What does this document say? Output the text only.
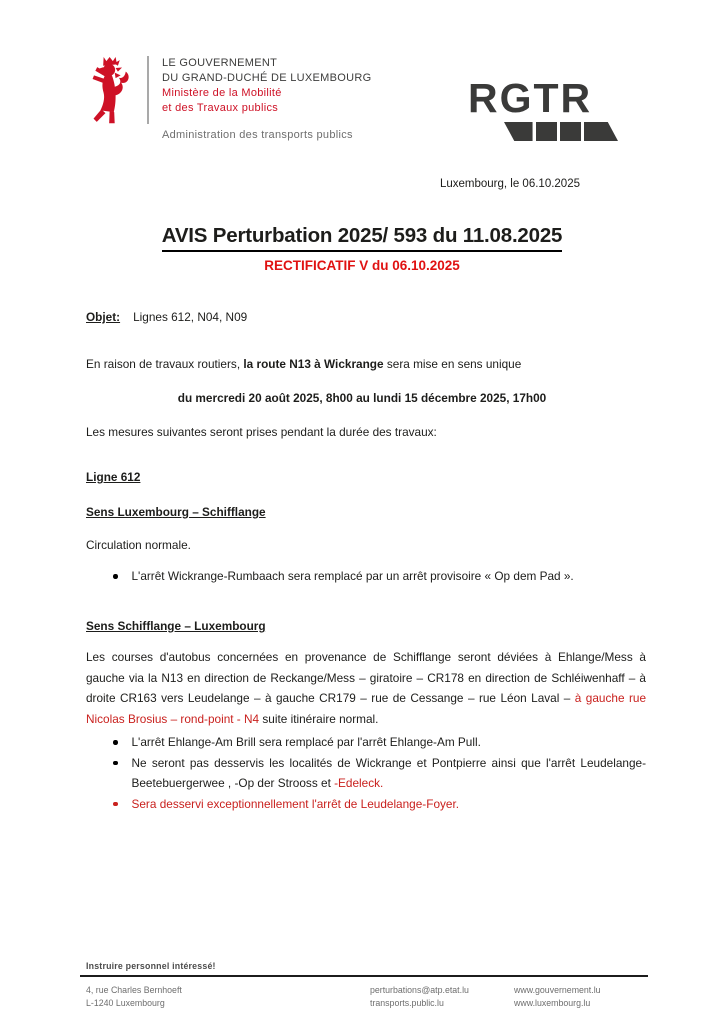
LE GOUVERNEMENT
DU GRAND-DUCHÉ DE LUXEMBOURG
Ministère de la Mobilité
et des Travaux publics
Administration des transports publics
RGTR
Luxembourg, le 06.10.2025
AVIS Perturbation 2025/ 593 du 11.08.2025
RECTIFICATIF V du 06.10.2025
Objet: Lignes 612, N04, N09

En raison de travaux routiers, la route N13 à Wickrange sera mise en sens unique

du mercredi 20 août 2025, 8h00 au lundi 15 décembre 2025, 17h00

Les mesures suivantes seront prises pendant la durée des travaux:

Ligne 612
Sens Luxembourg – Schifflange

Circulation normale.

L'arrêt Wickrange-Rumbaach sera remplacé par un arrêt provisoire « Op dem Pad ».
Sens Schifflange – Luxembourg

Les courses d'autobus concernées en provenance de Schifflange seront déviées à Ehlange/Mess à gauche via la N13 en direction de Reckange/Mess – giratoire – CR178 en direction de Schléiwenhaff – à droite CR163 vers Leudelange – à gauche CR179 – rue de Cessange – rue Léon Laval – à gauche rue Nicolas Brosius – rond-point - N4 suite itinéraire normal.

L'arrêt Ehlange-Am Brill sera remplacé par l'arrêt Ehlange-Am Pull.
Ne seront pas desservis les localités de Wickrange et Pontpierre ainsi que l'arrêt Leudelange-Beetebuergerwee , -Op der Strooss et -Edeleck.
Sera desservi exceptionnellement l'arrêt de Leudelange-Foyer.
Instruire personnel intéressé!
4, rue Charles Bernhoeft
L-1240 Luxembourg
perturbations@atp.etat.lu
transports.public.lu
www.gouvernement.lu
www.luxembourg.lu
